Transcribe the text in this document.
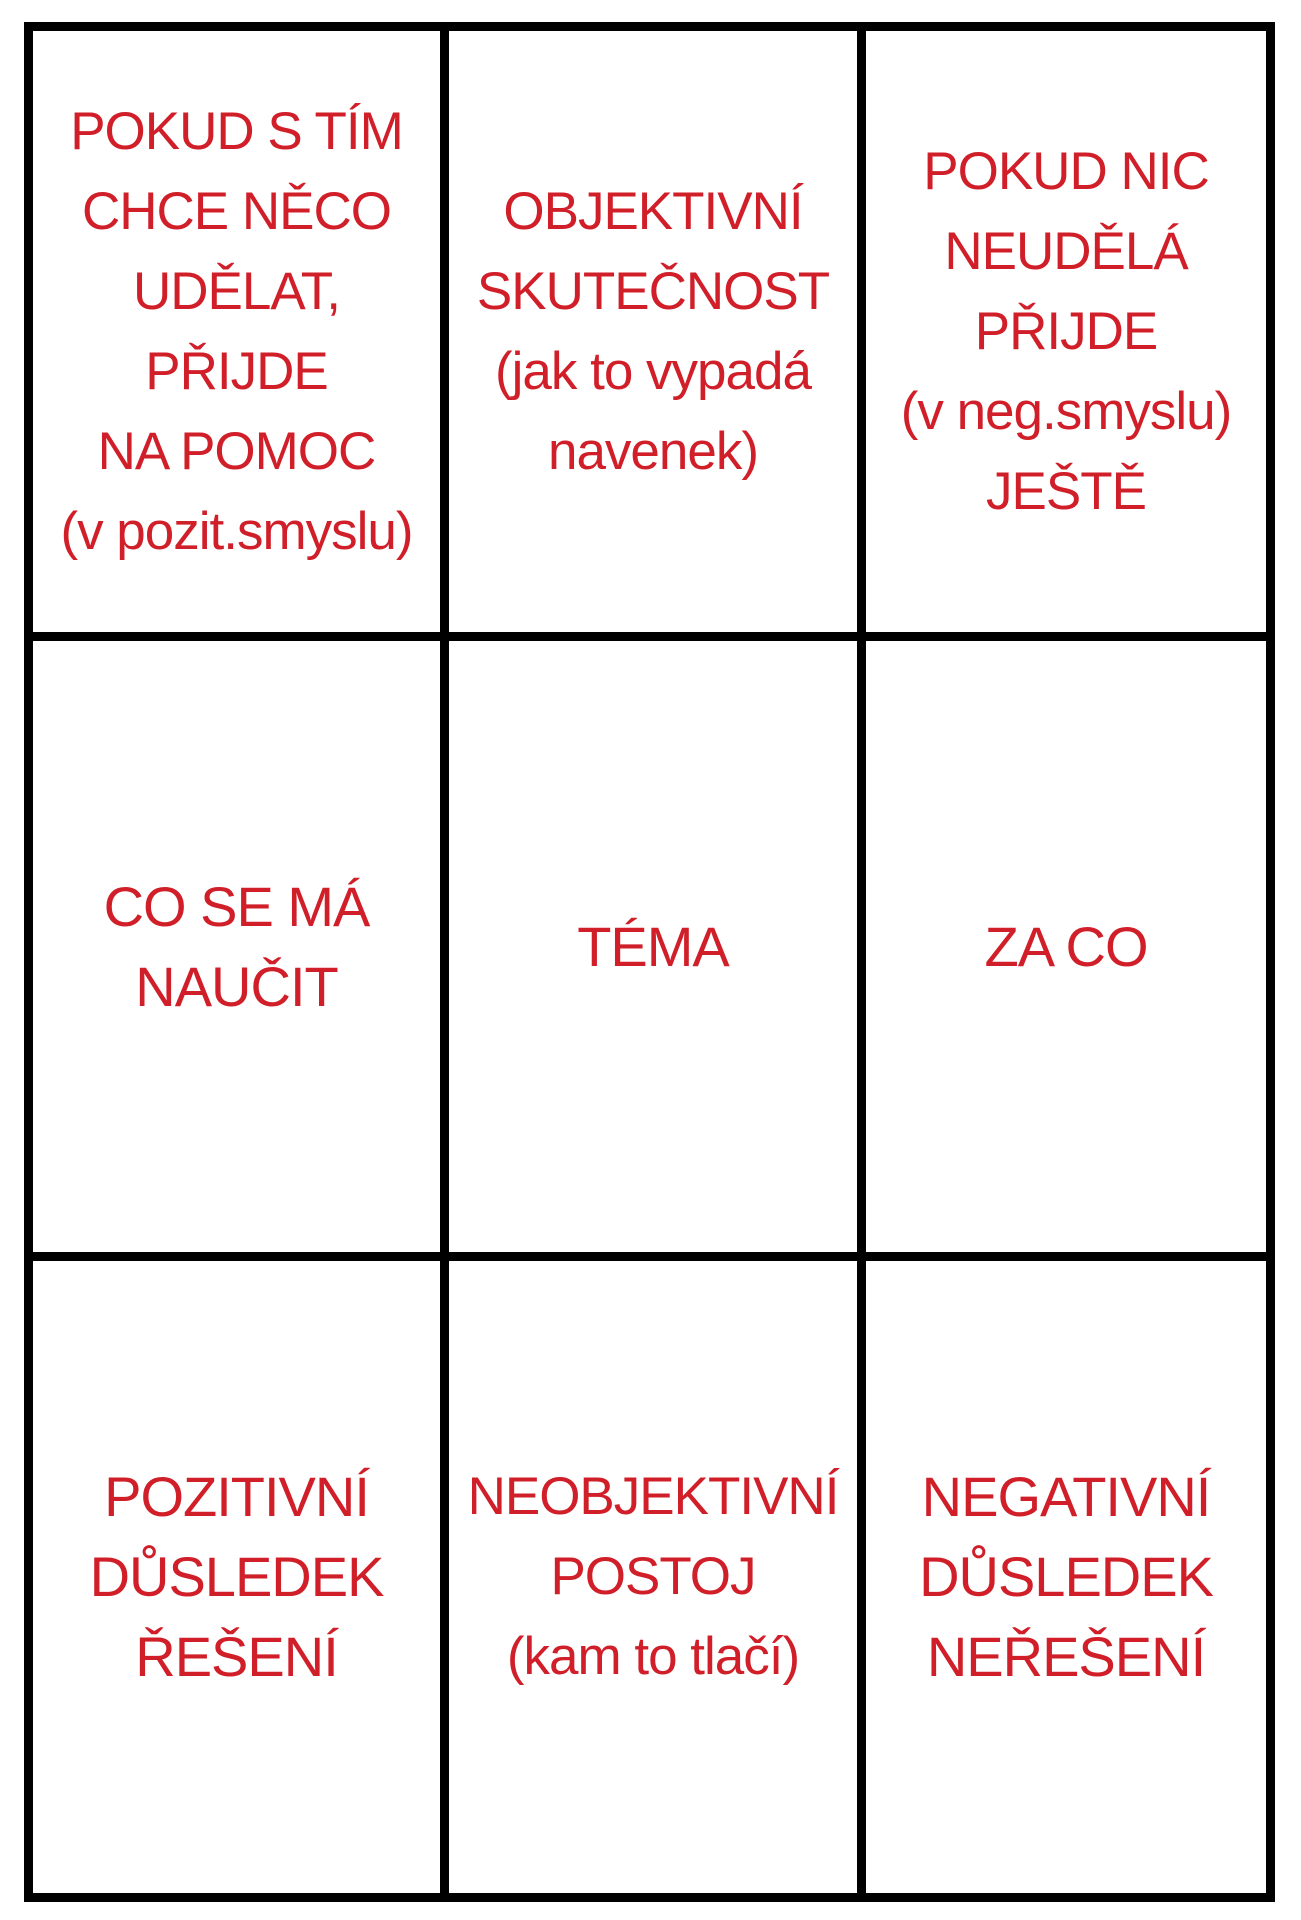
POKUD S TÍM
CHCE NĚCO
UDĚLAT,
PŘIJDE
NA POMOC
(v pozit.smyslu)
OBJEKTIVNÍ
SKUTEČNOST
(jak to vypadá
navenek)
POKUD NIC
NEUDĚLÁ
PŘIJDE
(v neg.smyslu)
JEŠTĚ
CO SE MÁ
NAUČIT
TÉMA	ZA CO
POZITIVNÍ
DŮSLEDEK
ŘEŠENÍ
NEOBJEKTIVNÍ
POSTOJ
(kam to tlačí)
NEGATIVNÍ
DŮSLEDEK
NEŘEŠENÍ
